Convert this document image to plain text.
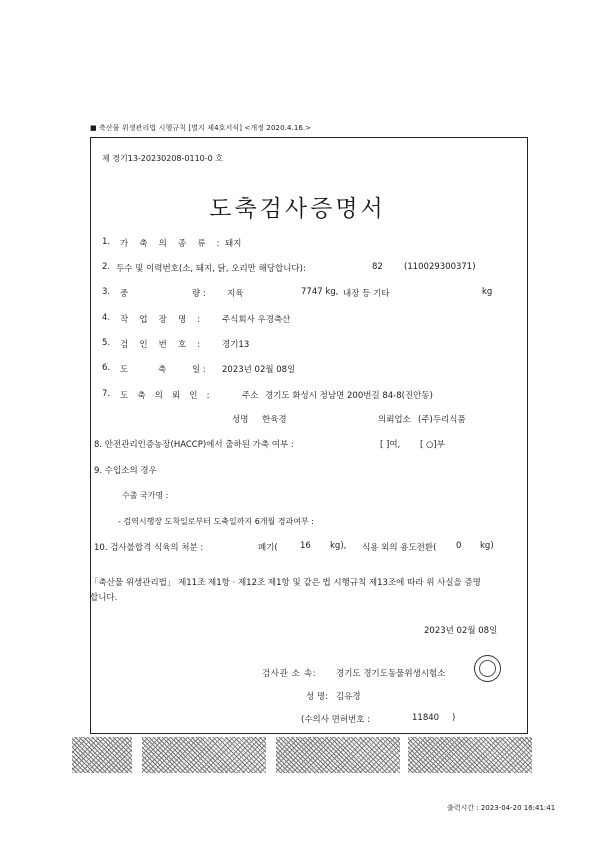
■ 축산물 위생관리법 시행규칙 [별지 제4호서식] <개정 2020.4.16.>
제 경기13-20230208-0110-0 호
도축검사증명서
1. 가 축 의 종 류 : 돼지
2. 두수 및 이력번호(소, 돼지, 닭, 오리만 해당합니다):	82 (110029300371)
3. 중	량 : 지육	7747 kg, 내장 등 기타	kg
4. 작 업 장 명 : 주식회사 우경축산
5. 검 인 번 호 : 경기13
6. 도	축	일 : 2023년 02월 08일
7. 도 축 의 뢰 인 :	주소 경기도 화성시 정남면 200번길 84-8(진안동)
성명 한육경	의뢰업소 (주)두리식품
8. 안전관리인증농장(HACCP)에서 출하된 가축 여부 :	[ ]여, [ ○]부
9. 수입소의 경우
수출 국가명 :
- 검역시행장 도착일로부터 도축일까지 6개월 경과여부 :
10. 검사불합격 식육의 처분 :	폐기(	16 kg), 식용 외의 용도전환( 0 kg)
「축산물 위생관리법」 제11조 제1항 · 제12조 제1항 및 같은 법 시행규칙 제13조에 따라 위 사실을 증명
합니다.
2023년 02월 08일
검사관 소 속: 경기도 경기도동물위생시험소
성 명: 김유경
(수의사 면허번호 :	11840 )
출력시간 : 2023-04-20 16:41:41
